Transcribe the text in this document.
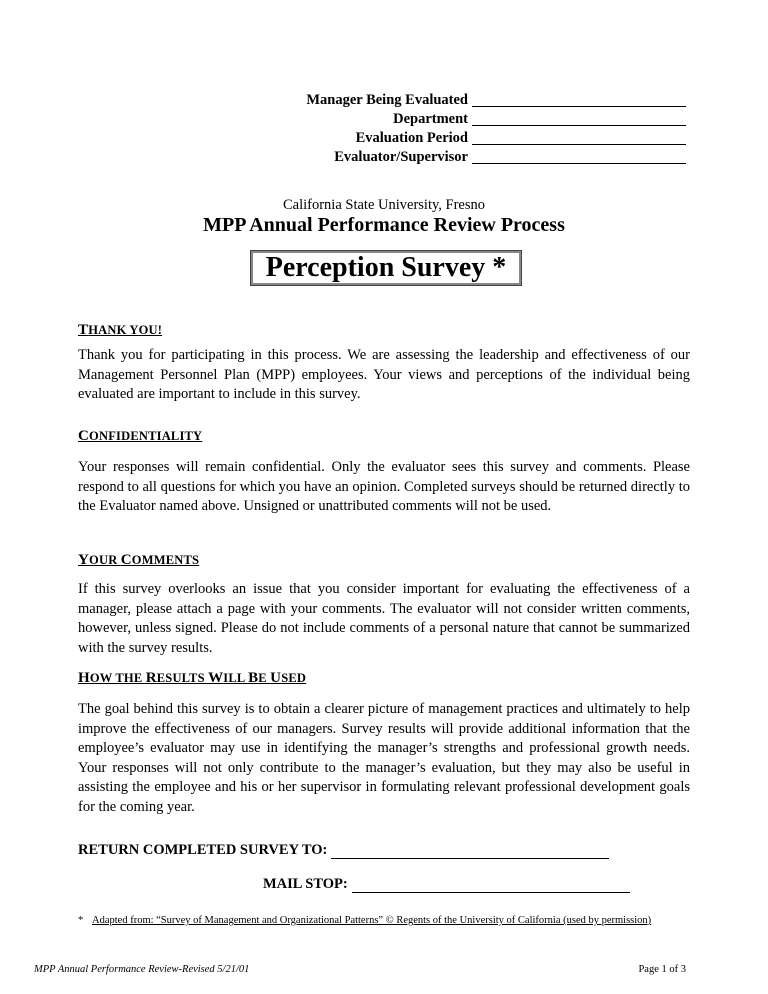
Manager Being Evaluated
Department
Evaluation Period
Evaluator/Supervisor
California State University, Fresno
MPP Annual Performance Review Process
Perception Survey *
THANK YOU!

Thank you for participating in this process. We are assessing the leadership and effectiveness of our Management Personnel Plan (MPP) employees. Your views and perceptions of the individual being evaluated are important to include in this survey.

CONFIDENTIALITY

Your responses will remain confidential. Only the evaluator sees this survey and comments. Please respond to all questions for which you have an opinion. Completed surveys should be returned directly to the Evaluator named above. Unsigned or unattributed comments will not be used.

YOUR COMMENTS

If this survey overlooks an issue that you consider important for evaluating the effectiveness of a manager, please attach a page with your comments. The evaluator will not consider written comments, however, unless signed. Please do not include comments of a personal nature that cannot be summarized with the survey results.

HOW THE RESULTS WILL BE USED

The goal behind this survey is to obtain a clearer picture of management practices and ultimately to help improve the effectiveness of our managers. Survey results will provide additional information that the employee’s evaluator may use in identifying the manager’s strengths and professional growth needs. Your responses will not only contribute to the manager’s evaluation, but they may also be useful in assisting the employee and his or her supervisor in formulating relevant professional development goals for the coming year.

RETURN COMPLETED SURVEY TO:
MAIL STOP:
* Adapted from: “Survey of Management and Organizational Patterns” © Regents of the University of California (used by permission)
MPP Annual Performance Review-Revised 5/21/01	Page 1 of 3
